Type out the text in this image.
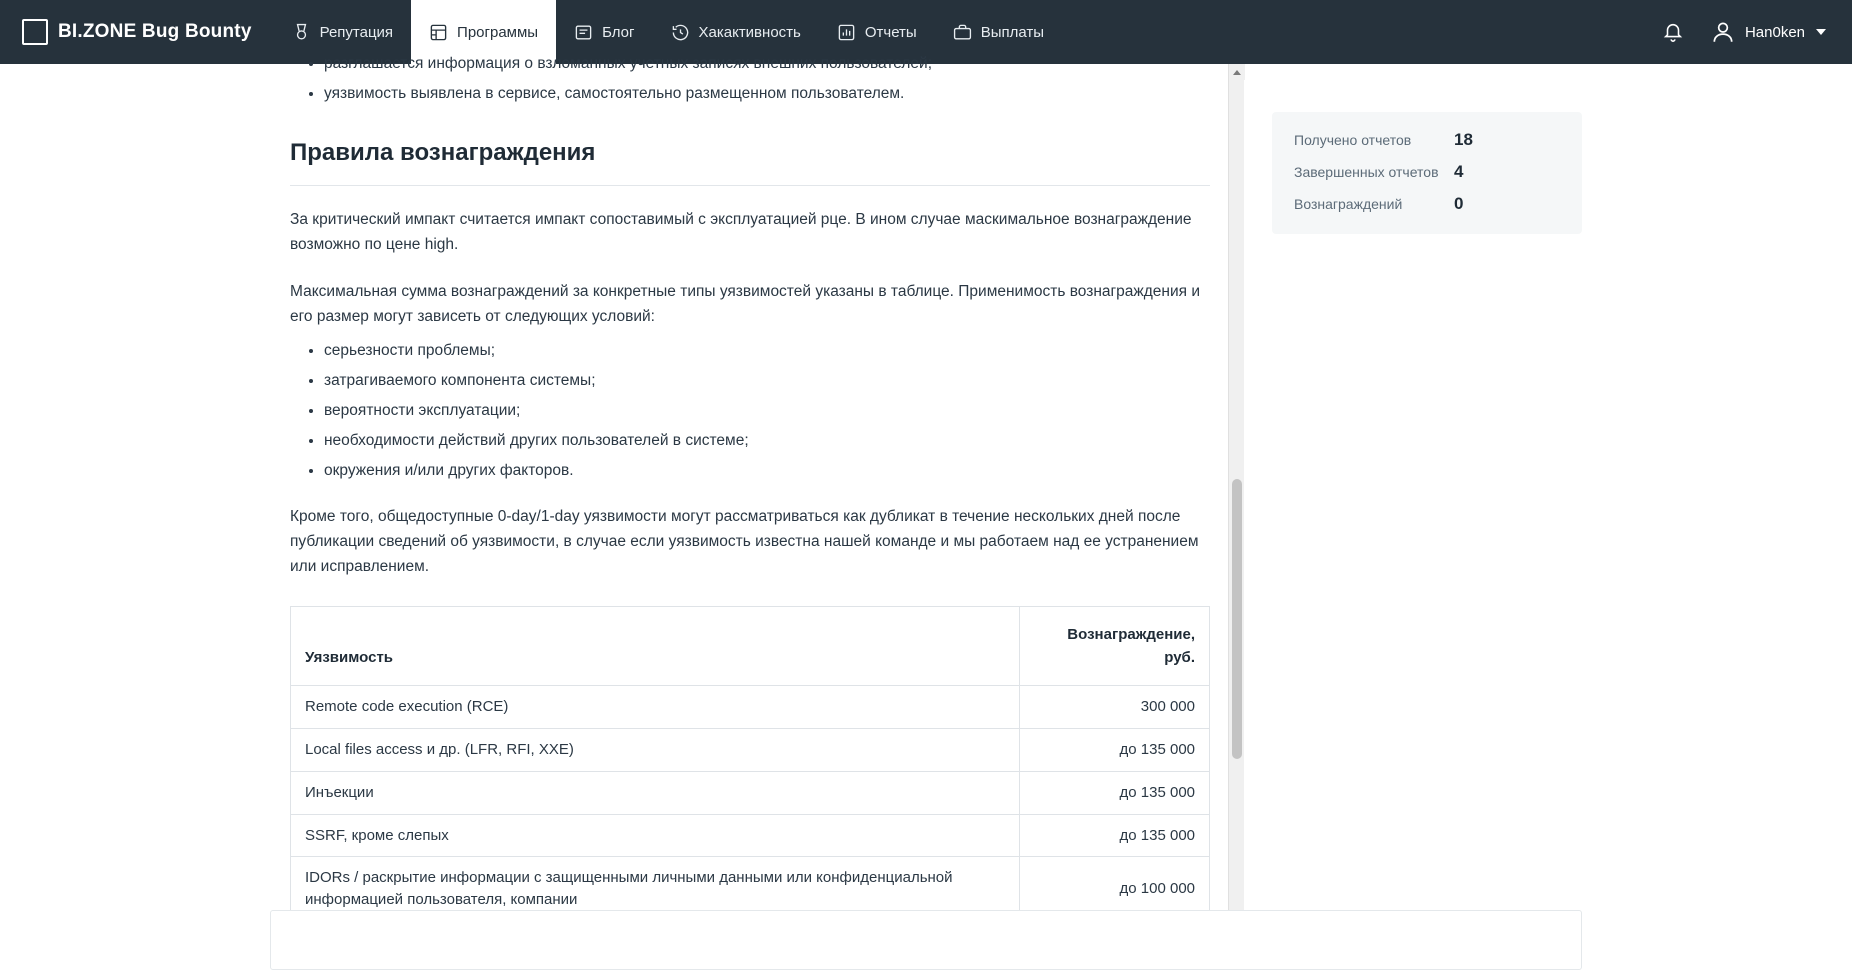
BI.ZONE Bug Bounty	Репутация	Программы	Блог	Хакактивность	Отчеты	Выплаты	Han0ken
• разглашается информация о взломанных учетных записях внешних пользователей;
• уязвимость выявлена в сервисе, самостоятельно размещенном пользователем.
Правила вознаграждения

За критический импакт считается импакт сопоставимый с эксплуатацией рце. В ином случае маскимальное вознаграждение возможно по цене high.

Максимальная сумма вознаграждений за конкретные типы уязвимостей указаны в таблице. Применимость вознаграждения и его размер могут зависеть от следующих условий:

• серьезности проблемы;
• затрагиваемого компонента системы;
• вероятности эксплуатации;
• необходимости действий других пользователей в системе;
• окружения и/или других факторов.

Кроме того, общедоступные 0-day/1-day уязвимости могут рассматриваться как дубликат в течение нескольких дней после публикации сведений об уязвимости, в случае если уязвимость известна нашей команде и мы работаем над ее устранением или исправлением.

Уязвимость	Вознаграждение, руб.
Remote code execution (RCE)	300 000
Local files access и др. (LFR, RFI, XXE)	до 135 000
Инъекции	до 135 000
SSRF, кроме слепых	до 135 000
IDORs / раскрытие информации с защищенными личными данными или конфиденциальной информацией пользователя, компании	до 100 000

Получено отчетов	18
Завершенных отчетов 4
Вознаграждений	0
